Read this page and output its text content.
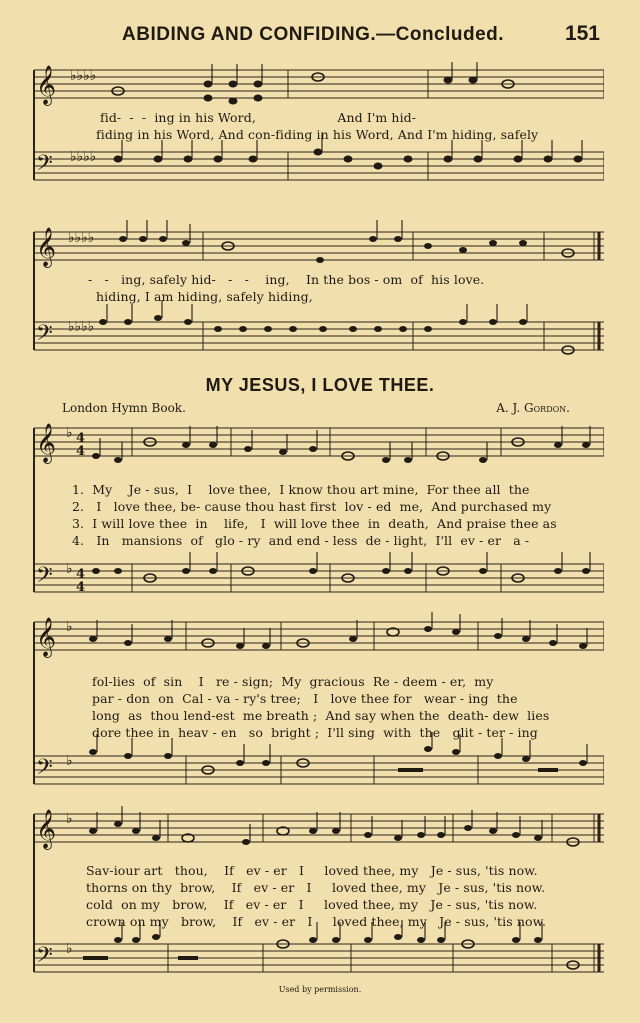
ABIDING AND CONFIDING.—Concluded.	151
𝄞
𝄢
♭♭♭♭
♭♭♭♭
fid-  -  -  ing in his Word,                    And I'm hid-
fiding in his Word, And con-fiding in his Word, And I'm hiding, safely
𝄞
𝄢
♭♭♭♭
♭♭♭♭
-   -   ing, safely hid-   -   -    ing,    In the bos - om  of  his love.
hiding, I am hiding, safely hiding,
MY JESUS, I LOVE THEE.
London Hymn Book.	A. J. Gordon.
𝄞
𝄢
♭
♭
4
4
4
4
1.  My    Je - sus,  I    love thee,  I know thou art mine,  For thee all  the
2.   I   love thee, be- cause thou hast first  lov - ed  me,  And purchased my
3.  I will love thee  in    life,   I  will love thee  in  death,  And praise thee as
4.   In   mansions  of   glo - ry  and end - less  de - light,  I'll  ev - er   a -
𝄞
𝄢
♭
♭
fol-lies  of  sin    I   re - sign;  My  gracious  Re - deem - er,  my
par - don  on  Cal - va - ry's tree;   I   love thee for   wear - ing  the
long  as  thou lend-est  me breath ;  And say when the  death- dew  lies
dore thee in  heav - en   so  bright ;  I'll sing  with  the   glit - ter - ing
𝄞
𝄢
♭
♭
Sav-iour art   thou,    If   ev - er   I     loved thee, my   Je - sus, 'tis now.
thorns on thy  brow,    If   ev - er   I     loved thee, my   Je - sus, 'tis now.
cold  on my   brow,    If   ev - er   I     loved thee, my   Je - sus, 'tis now.
crown on my   brow,    If   ev - er   I     loved thee, my   Je - sus, 'tis now.
Used by permission.
